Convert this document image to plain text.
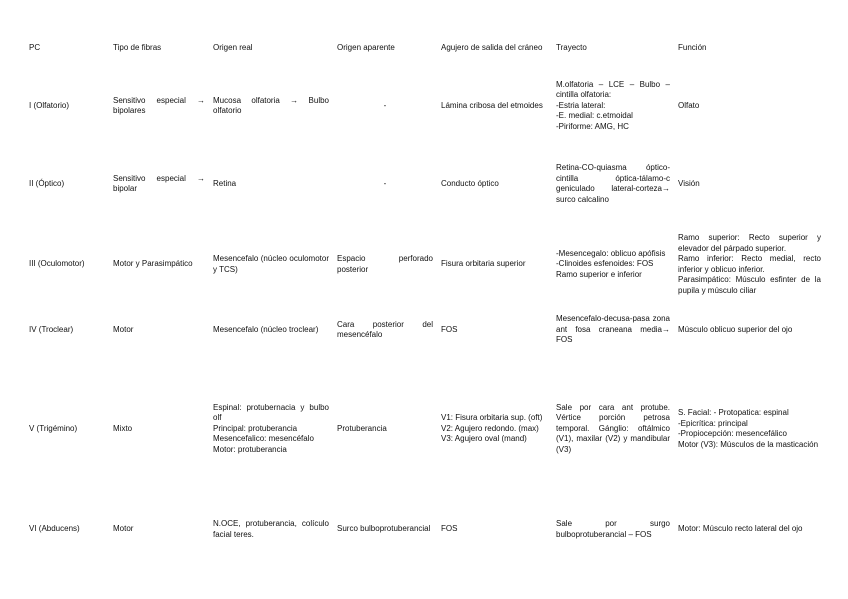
PC	Tipo de fibras	Origen real	Origen aparente	Agujero de salida del cráneo	Trayecto	Función
I (Olfatorio)	Sensitivo especial → bipolares	Mucosa olfatoria → Bulbo olfatorio	-	Lámina cribosa del etmoides	M.olfatoria – LCE – Bulbo – cintilla olfatoria:
-Estria lateral:
-E. medial: c.etmoidal
-Piriforme: AMG, HC	Olfato
II (Óptico)	Sensitivo especial → bipolar	Retina	-	Conducto óptico	Retina-CO-quiasma óptico-cintilla óptica-tálamo-c geniculado lateral-corteza→ surco calcalino	Visión
III (Oculomotor)	Motor y Parasimpático	Mesencefalo (núcleo oculomotor y TCS)	Espacio perforado posterior	Fisura orbitaria superior	-Mesencegalo: oblicuo apófisis
-Clinoides esfenoides: FOS
Ramo superior e inferior	Ramo superior: Recto superior y elevador del párpado superior.
Ramo inferior: Recto medial, recto inferior y oblicuo inferior.
Parasimpático: Músculo esfinter de la pupila y músculo ciliar

IV (Troclear)	Motor	Mesencefalo (núcleo troclear)	Cara posterior del mesencéfalo	FOS	Mesencefalo-decusa-pasa zona ant fosa craneana media→ FOS	Músculo oblicuo superior del ojo
V (Trigémino)	Mixto	Espinal: protubernacia y bulbo olf
Principal: protuberancia
Mesencefalico: mesencéfalo
Motor: protuberancia	Protuberancia	V1: Fisura orbitaria sup. (oft)
V2: Agujero redondo. (max)
V3: Agujero oval (mand)	Sale por cara ant protube. Vértice porción petrosa temporal. Gánglio: oftálmico (V1), maxilar (V2) y mandibular (V3)	S. Facial: - Protopatica: espinal
-Epicrítica: principal
-Propiocepción: mesencefálico
Motor (V3): Músculos de la masticación

VI (Abducens)	Motor	N.OCE, protuberancia, colículo facial teres.	Surco bulboprotuberancial	FOS	Sale por surgo bulboprotuberancial – FOS	Motor: Músculo recto lateral del ojo
